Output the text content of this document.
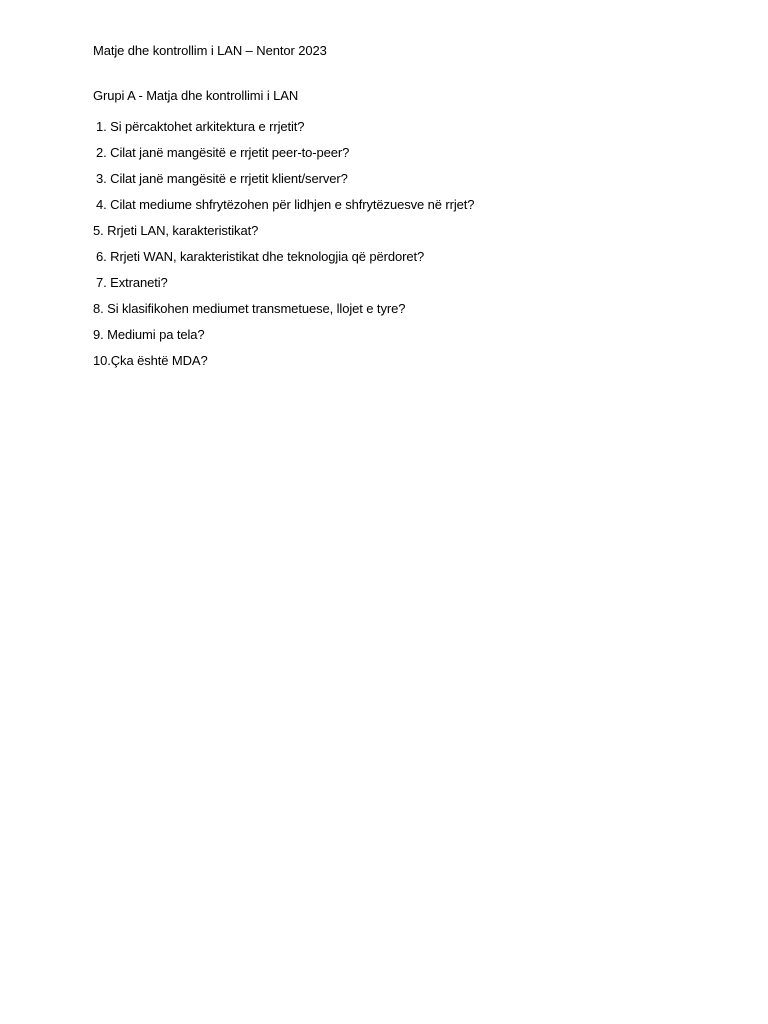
Matje dhe kontrollim i LAN – Nentor 2023
Grupi A - Matja dhe kontrollimi i LAN
1. Si përcaktohet arkitektura e rrjetit?
2. Cilat janë mangësitë e rrjetit peer-to-peer?
3. Cilat janë mangësitë e rrjetit klient/server?
4. Cilat mediume shfrytëzohen për lidhjen e shfrytëzuesve në rrjet?
5. Rrjeti LAN, karakteristikat?
6. Rrjeti WAN, karakteristikat dhe teknologjia që përdoret?
7. Extraneti?
8. Si klasifikohen mediumet transmetuese, llojet e tyre?
9. Mediumi pa tela?
10.Çka është MDA?
